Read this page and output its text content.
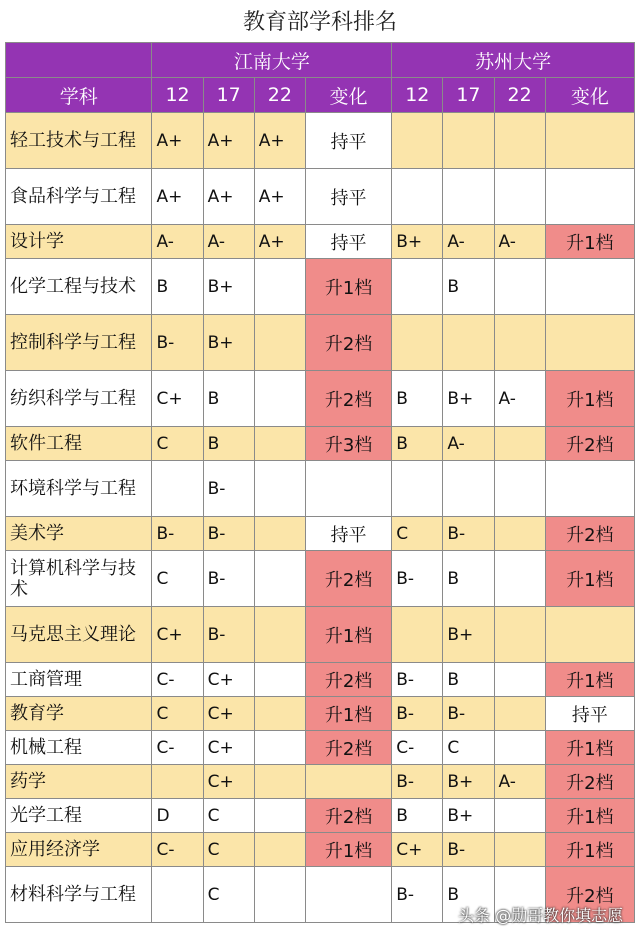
教育部学科排名
	江南大学				苏州大学			
学科	12	17	22	变化	12	17	22	变化
轻工技术与工程	A+	A+	A+	持平				
食品科学与工程	A+	A+	A+	持平				
设计学	A-	A-	A+	持平	B+	A-	A-	升1档
化学工程与技术	B	B+		升1档		B		
控制科学与工程	B-	B+		升2档				
纺织科学与工程	C+	B		升2档	B	B+	A-	升1档
软件工程	C	B		升3档	B	A-		升2档
环境科学与工程		B-						
美术学	B-	B-		持平	C	B-		升2档
计算机科学与技术	C	B-		升2档	B-	B		升1档
马克思主义理论	C+	B-		升1档		B+		
工商管理	C-	C+		升2档	B-	B		升1档
教育学	C	C+		升1档	B-	B-		持平
机械工程	C-	C+		升2档	C-	C		升1档
药学		C+			B-	B+	A-	升2档
光学工程	D	C		升2档	B	B+		升1档
应用经济学	C-	C		升1档	C+	B-		升1档
材料科学与工程		C			B-	B		升2档
头条 @勋哥教你填志愿
